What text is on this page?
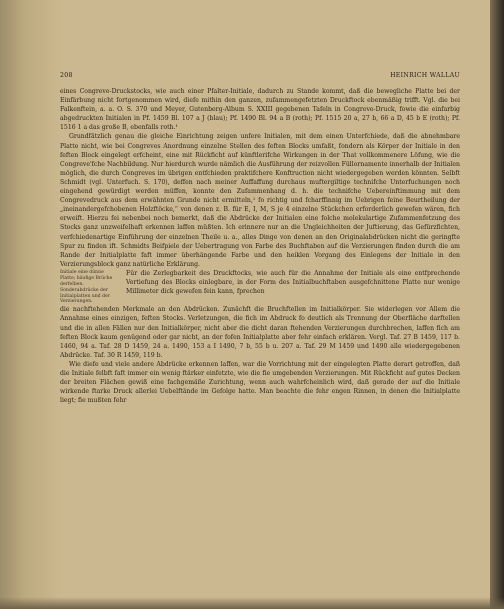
208	HEINRICH WALLAU

eines Congreve-Druckstocks, wie auch einer Pfalter-Initiale, dadurch zu Stande kommt, daß die bewegliche Platte bei der Einfärbung nicht fortgenommen wird, diefe mithin den ganzen, zufammengefetzten Druckftock ebenmäßig trifft. Vgl. die bei Falkenftein, a. a. O. S. 370 und Meyer, Gutenberg-Album S. XXIII gegebenen Tafeln in Congreve-Druck, fowie die einfarbig abgedruckten Initialen in Pf. 1459 Bl. 107 a J (blau); Pf. 1490 Bl. 94 a B (roth); Pf. 1515 20 a, 27 b, 66 a D, 45 b E (roth); Pf. 1516 1 a das große B, ebenfalls roth.¹

Grundfätzlich genau die gleiche Einrichtung zeigen unfere Initialen, mit dem einen Unterfchiede, daß die abnehmbare Platte nicht, wie bei Congreves Anordnung einzelne Stellen des feften Blocks umfaßt, fondern als Körper der Initiale in den feften Block eingelegt erfcheint, eine mit Rückficht auf künftlerifche Wirkungen in der That vollkommenere Löfung, wie die Congreve'fche Nachbildung. Nur hierdurch wurde nämlich die Ausführung der reizvollen Füllornamente innerhalb der Initialen möglich, die durch Congreves im übrigen entfchieden praktifchere Konftruction nicht wiedergegeben werden könnten. Selbft Schmidt (vgl. Unterfuch. S. 170), deffen nach meiner Auffaffung durchaus muftergiltige technifche Unterfuchungen noch eingehend gewürdigt werden müffen, konnte den Zufammenhang d. h. die technifche Uebereinftimmung mit dem Congrevedruck aus dem erwähnten Grunde nicht ermitteln,¹ fo richtig und fcharffinnig im Uebrigen feine Beurtheilung der „ineinandergefchobenen Holzftöcke,“ von denen z. B. für E, I, M, S je 4 einzelne Stückchen erforderlich gewefen wären, fich erweift. Hierzu fei nebenbei noch bemerkt, daß die Abdrücke der Initialen eine folche molekulartige Zufammenfetzung des Stocks ganz unzweifelhaft erkennen laffen müßten. Ich erinnere nur an die Ungleichheiten der Juftierung, das Gefürzfichten, verfchiedenartige Einführung der einzelnen Theile u. a., alles Dinge von denen an den Originalabdrücken nicht die geringfte Spur zu finden ift. Schmidts Beifpiele der Uebertragung von Farbe des Buchftaben auf die Verzierungen finden durch die am Rande der Initialplatte faft immer überhängende Farbe und den heiklen Vorgang des Einlegens der Initiale in den Verzierungsblock ganz natürliche Erklärung.

Initiale eine dünne Platte; häufige Brüche derfelben. Sonderabdrücke der Initialplatten und der Verzierungen.
Für die Zerlegbarkeit des Druckftocks, wie auch für die Annahme der Initiale als eine entfprechende Vertiefung des Blocks einlegbare, in der Form des Initialbuchftaben ausgefchnittene Platte nur wenige Millimeter dick gewefen fein kann, fprechen

die nachftehenden Merkmale an den Abdrücken. Zunächft die Bruchftellen im Initialkörper. Sie widerlegen vor Allem die Annahme eines einzigen, feften Stocks. Verletzungen, die fich im Abdruck fo deutlich als Trennung der Oberfläche darftellen und die in allen Fällen nur den Initialkörper, nicht aber die dicht daran ftehenden Verzierungen durchbrechen, laffen fich am feften Block kaum genügend oder gar nicht, an der fofen Initialplatte aber fehr einfach erklären. Vergl. Taf. 27 B 1459, 117 b. 1460, 94 a. Taf. 28 D 1459, 24 a. 1490, 153 a I 1490, 7 b, 55 b u. 207 a. Taf. 29 M 1459 und 1490 alle wiedergegebenen Abdrücke. Taf. 30 R 1459, 119 b.

Wie diefe und viele andere Abdrücke erkennen laffen, war die Vorrichtung mit der eingelegten Platte derart getroffen, daß die Initiale felbft faft immer ein wenig ftärker einfetzte, wie die fie umgebenden Verzierungen. Mit Rückficht auf gutes Decken der breiten Flächen gewiß eine fachgemäße Zurichtung, wenn auch wahrfcheinlich wird, daß gerade der auf die Initiale wirkende ftarke Druck allerlei Uebelftände im Gefolge hatte. Man beachte die fehr engen Rinnen, in denen die Initialplatte liegt; fie mußten fehr
